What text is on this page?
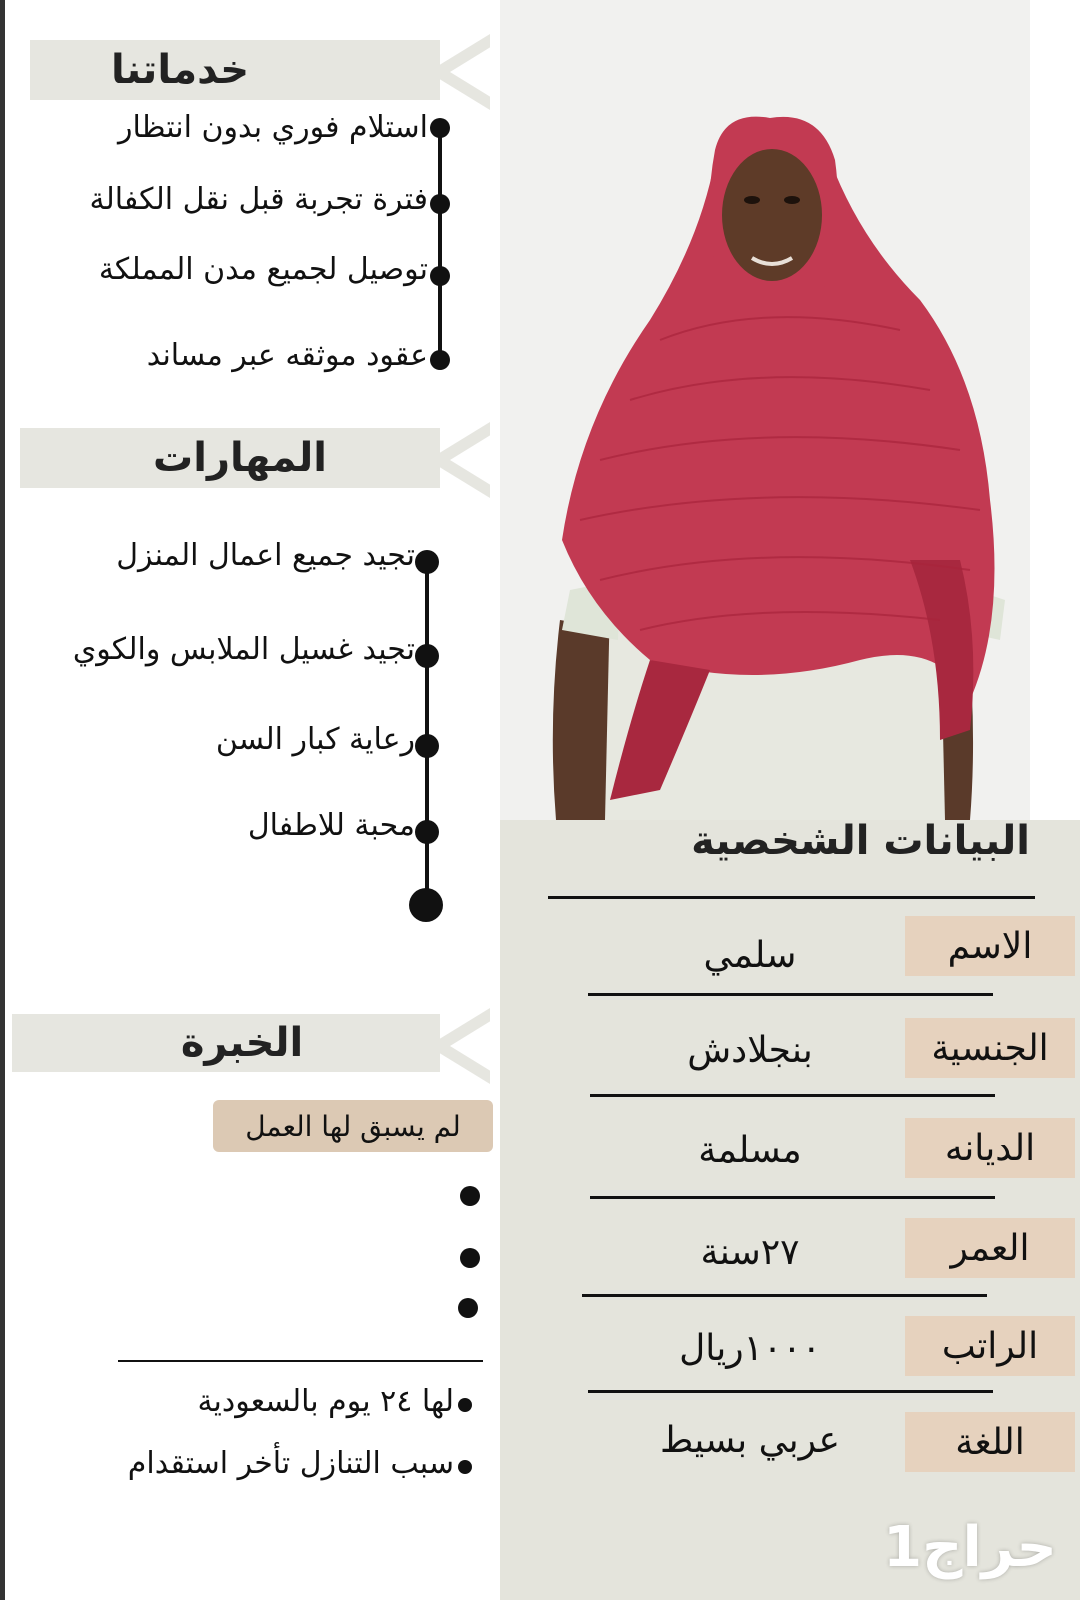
خدماتنا
استلام فوري بدون انتظار
فترة تجربة قبل نقل الكفالة
توصيل لجميع مدن المملكة
عقود موثقه عبر مساند
المهارات
تجيد جميع اعمال المنزل
تجيد غسيل الملابس والكوي
رعاية كبار السن
محبة للاطفال
الخبرة
لم يسبق لها العمل
لها ٢٤ يوم بالسعودية
سبب التنازل تأخر استقدام
البيانات الشخصية
الاسم
سلمي
الجنسية
بنجلادش
الديانه
مسلمة
العمر
٢٧سنة
الراتب
١٠٠٠ريال
اللغة
عربي بسيط
حراج1
